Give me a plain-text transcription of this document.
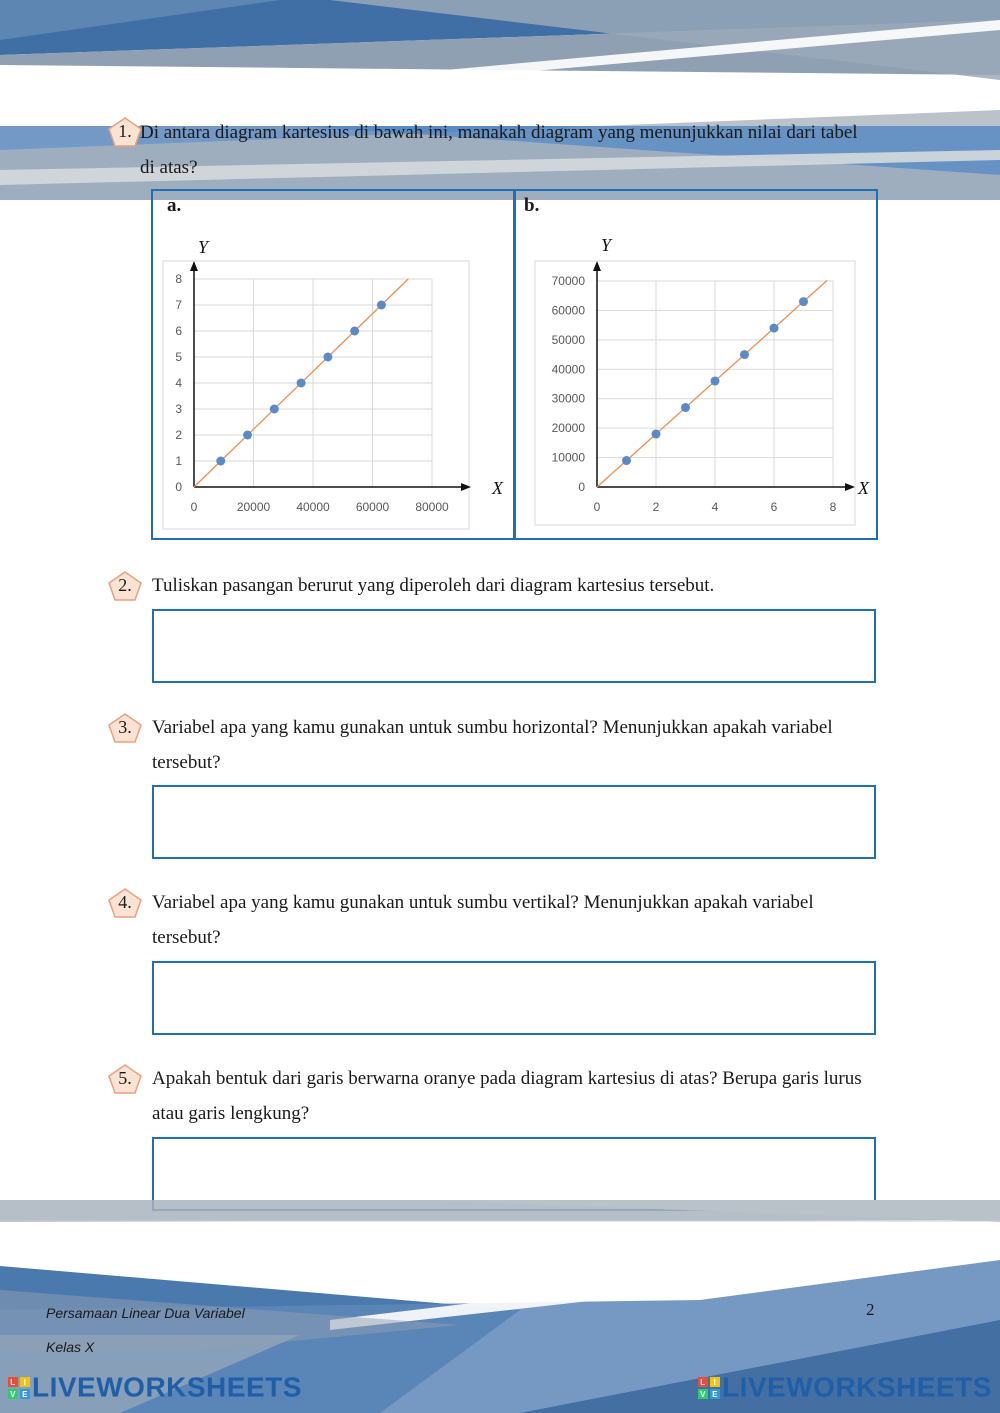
1. Di antara diagram kartesius di bawah ini, manakah diagram yang menunjukkan nilai dari tabel di atas?
a.
0
1
2
3
4
5
6
7
8
0	20000 40000 60000 80000
X
Y
b.
0
10000
20000
30000
40000
50000
60000
70000
0	2	4	6	8
X
Y
2.	Tuliskan pasangan berurut yang diperoleh dari diagram kartesius tersebut.
3.	Variabel apa yang kamu gunakan untuk sumbu horizontal? Menunjukkan apakah variabel tersebut?
4.	Variabel apa yang kamu gunakan untuk sumbu vertikal? Menunjukkan apakah variabel tersebut?
5.	Apakah bentuk dari garis berwarna oranye pada diagram kartesius di atas? Berupa garis lurus atau garis lengkung?
Persamaan Linear Dua Variabel
Kelas X
2
L I
V E LIVEWORKSHEETS	L I
V E LIVEWORKSHEETS
